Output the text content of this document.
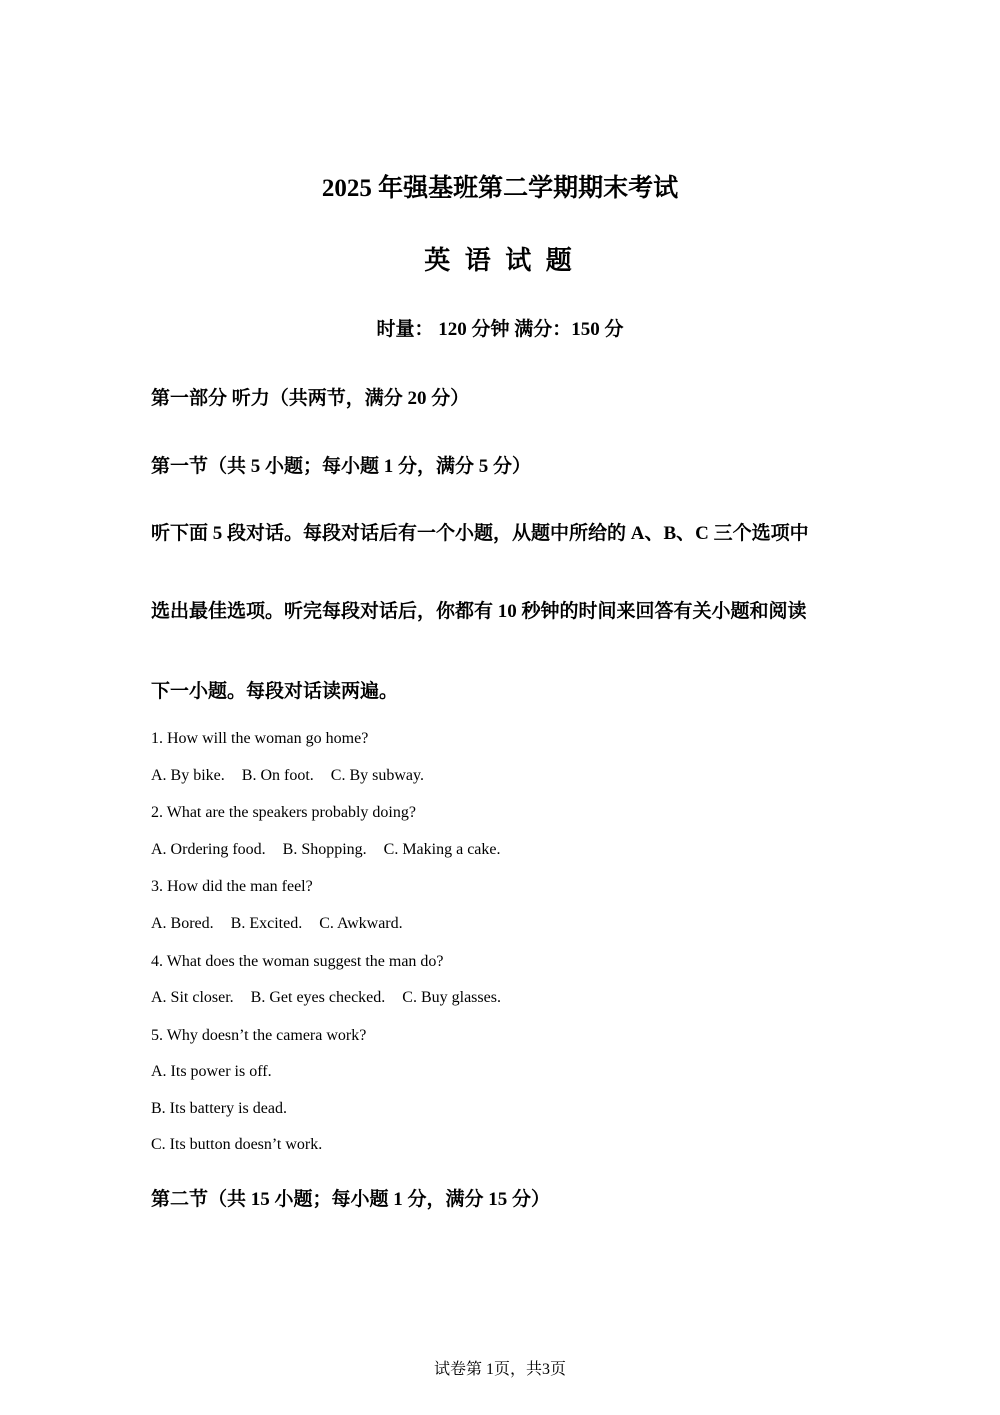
2025 年强基班第二学期期末考试
英 语 试 题
时量： 120 分钟 满分：150 分
第一部分 听力（共两节，满分 20 分）
第一节（共 5 小题；每小题 1 分，满分 5 分）
听下面 5 段对话。每段对话后有一个小题，从题中所给的 A、B、C 三个选项中
选出最佳选项。听完每段对话后，你都有 10 秒钟的时间来回答有关小题和阅读
下一小题。每段对话读两遍。
1. How will the woman go home?
A. By bike. B. On foot. C. By subway.
2. What are the speakers probably doing?
A. Ordering food. B. Shopping. C. Making a cake.
3. How did the man feel?
A. Bored. B. Excited. C. Awkward.
4. What does the woman suggest the man do?
A. Sit closer. B. Get eyes checked. C. Buy glasses.
5. Why doesn’t the camera work?
A. Its power is off.
B. Its battery is dead.
C. Its button doesn’t work.
第二节（共 15 小题；每小题 1 分，满分 15 分）
试卷第 1页，共3页
